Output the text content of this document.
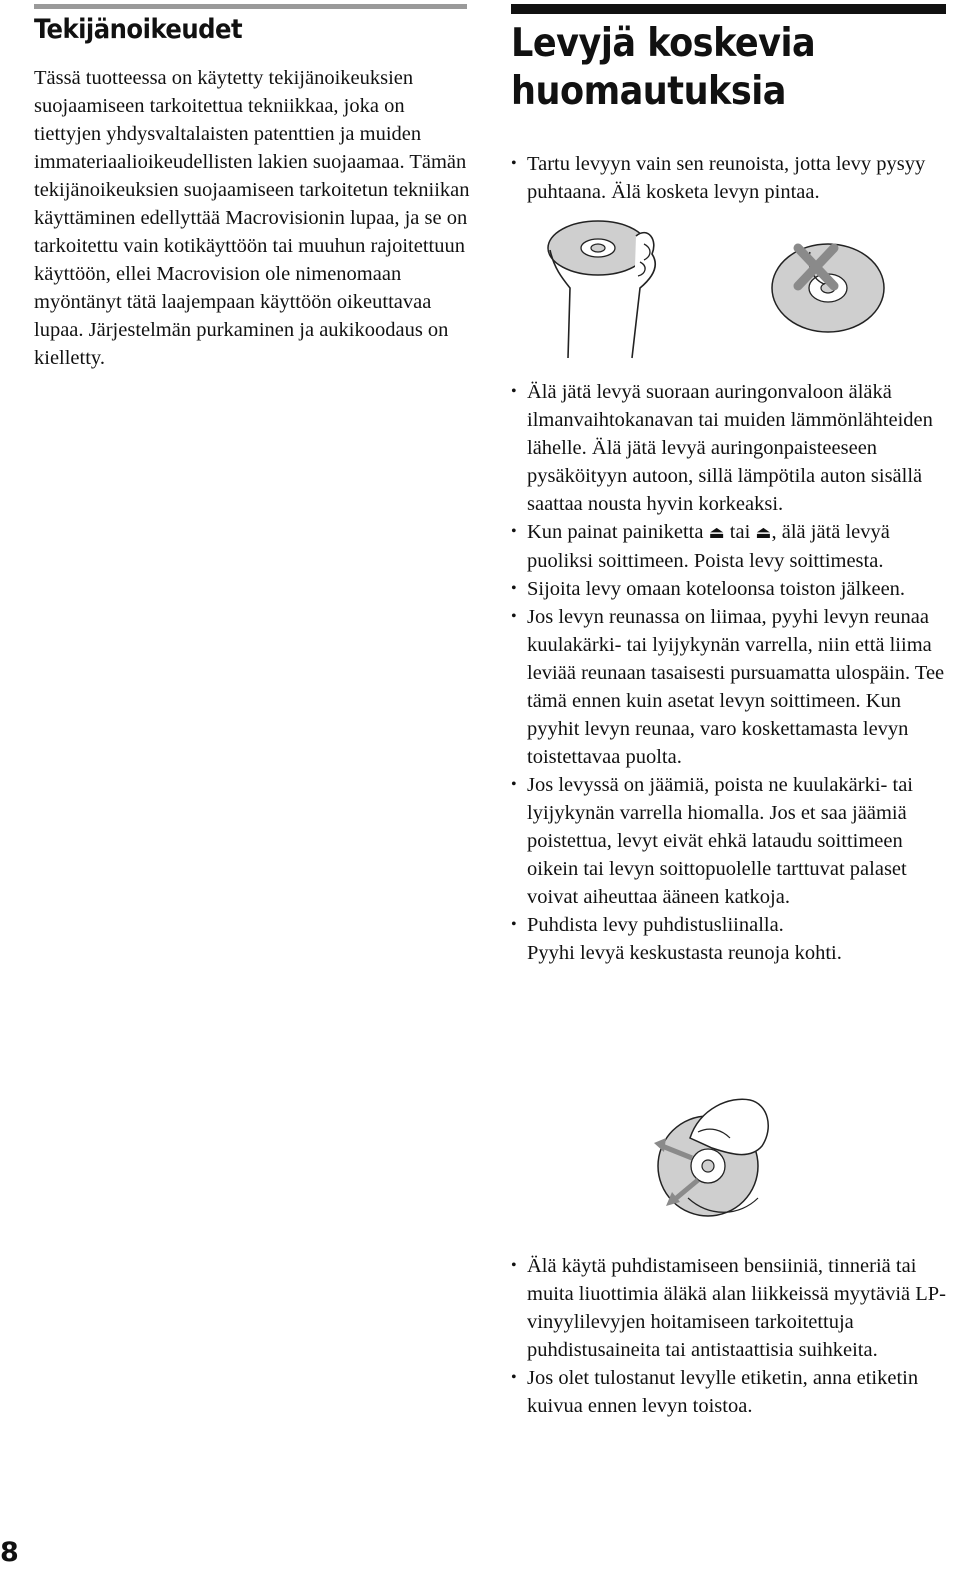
Tekijänoikeudet

Tässä tuotteessa on käytetty tekijänoikeuksien suojaamiseen tarkoitettua tekniikkaa, joka on tiettyjen yhdysvaltalaisten patenttien ja muiden immateriaalioikeudellisten lakien suojaamaa. Tämän tekijänoikeuksien suojaamiseen tarkoitetun tekniikan käyttäminen edellyttää Macrovisionin lupaa, ja se on tarkoitettu vain kotikäyttöön tai muuhun rajoitettuun käyttöön, ellei Macrovision ole nimenomaan myöntänyt tätä laajempaan käyttöön oikeuttavaa lupaa. Järjestelmän purkaminen ja aukikoodaus on kielletty.

Levyjä koskevia huomautuksia
• Tartu levyyn vain sen reunoista, jotta levy pysyy puhtaana. Älä kosketa levyn pintaa.
• Älä jätä levyä suoraan auringonvaloon äläkä ilmanvaihtokanavan tai muiden lämmönlähteiden lähelle. Älä jätä levyä auringonpaisteeseen pysäköityyn autoon, sillä lämpötila auton sisällä saattaa nousta hyvin korkeaksi.
• Kun painat painiketta ⏏ tai ⏏, älä jätä levyä puoliksi soittimeen. Poista levy soittimesta.
• Sijoita levy omaan koteloonsa toiston jälkeen.
• Jos levyn reunassa on liimaa, pyyhi levyn reunaa kuulakärki- tai lyijykynän varrella, niin että liima leviää reunaan tasaisesti pursuamatta ulospäin. Tee tämä ennen kuin asetat levyn soittimeen. Kun pyyhit levyn reunaa, varo koskettamasta levyn toistettavaa puolta.
• Jos levyssä on jäämiä, poista ne kuulakärki- tai lyijykynän varrella hiomalla. Jos et saa jäämiä poistettua, levyt eivät ehkä lataudu soittimeen oikein tai levyn soittopuolelle tarttuvat palaset voivat aiheuttaa ääneen katkoja.
• Puhdista levy puhdistusliinalla.
Pyyhi levyä keskustasta reunoja kohti.
• Älä käytä puhdistamiseen bensiiniä, tinneriä tai muita liuottimia äläkä alan liikkeissä myytäviä LP-vinyylilevyjen hoitamiseen tarkoitettuja puhdistusaineita tai antistaattisia suihkeita.
• Jos olet tulostanut levylle etiketin, anna etiketin kuivua ennen levyn toistoa.

8
